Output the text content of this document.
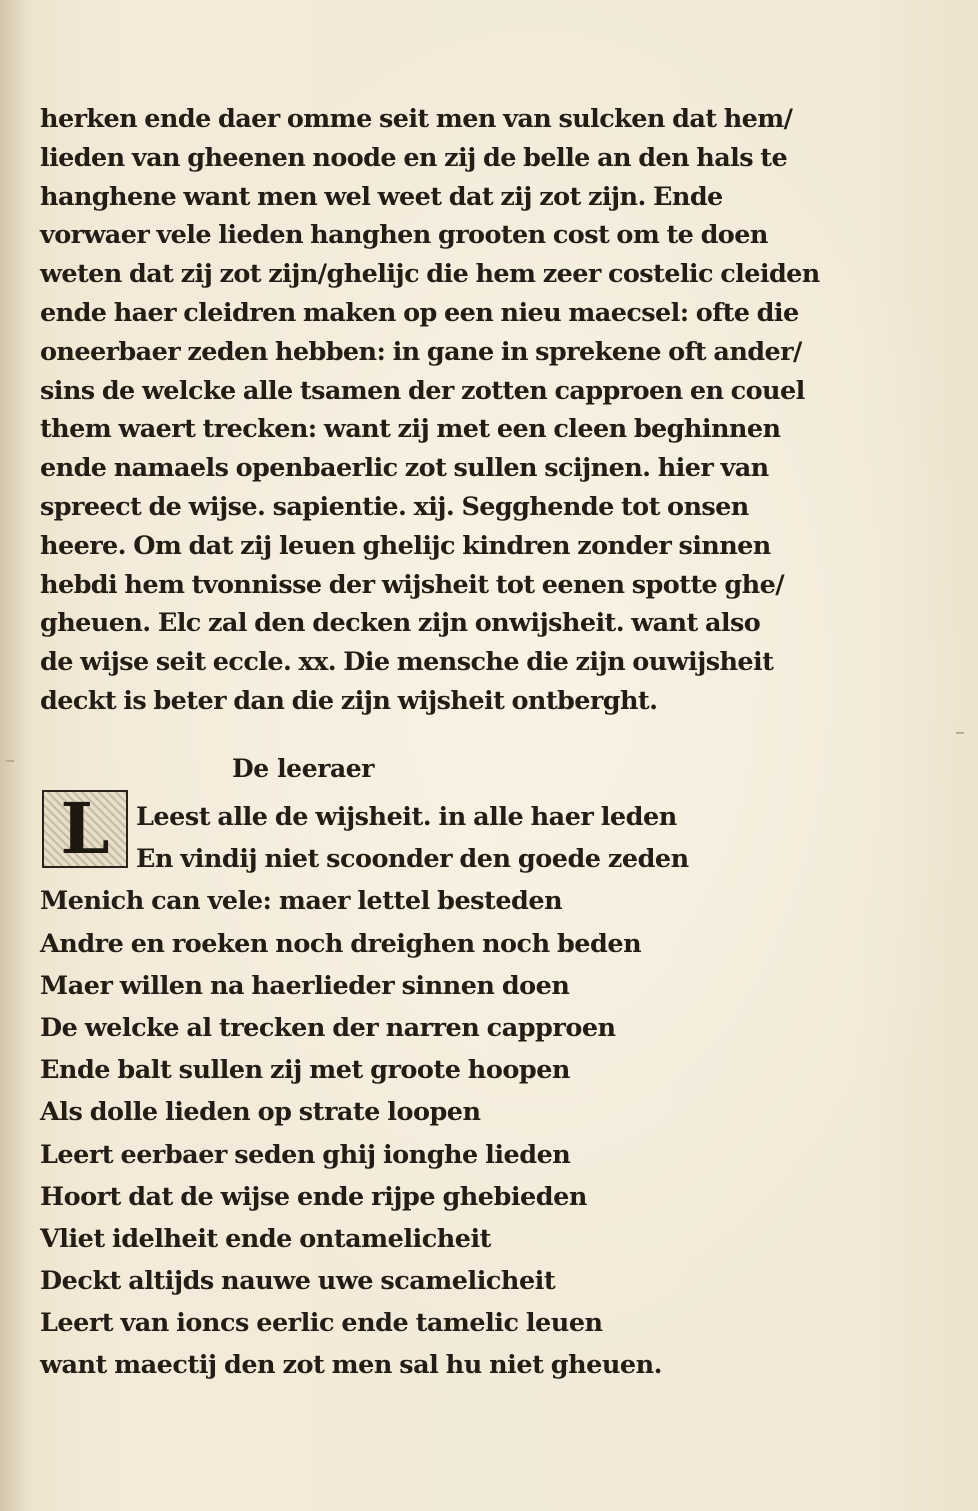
herken ende daer omme seit men van sulcken dat hem/
lieden van gheenen noode en zij de belle an den hals te
hanghene want men wel weet dat zij zot zijn. Ende
vorwaer vele lieden hanghen grooten cost om te doen
weten dat zij zot zijn/ghelijc die hem zeer costelic cleiden
ende haer cleidren maken op een nieu maecsel: ofte die
oneerbaer zeden hebben: in gane in sprekene oft ander/
sins de welcke alle tsamen der zotten capproen en couel
them waert trecken: want zij met een cleen beghinnen
ende namaels openbaerlic zot sullen scijnen. hier van
spreect de wijse. sapientie. xij. Segghende tot onsen
heere. Om dat zij leuen ghelijc kindren zonder sinnen
hebdi hem tvonnisse der wijsheit tot eenen spotte ghe/
gheuen. Elc zal den decken zijn onwijsheit. want also
de wijse seit eccle. xx. Die mensche die zijn ouwijsheit
deckt is beter dan die zijn wijsheit ontberght.
De leeraer
L	Leest alle de wijsheit. in alle haer leden
En vindij niet scoonder den goede zeden
Menich can vele: maer lettel besteden
Andre en roeken noch dreighen noch beden
Maer willen na haerlieder sinnen doen
De welcke al trecken der narren capproen
Ende balt sullen zij met groote hoopen
Als dolle lieden op strate loopen
Leert eerbaer seden ghij ionghe lieden
Hoort dat de wijse ende rijpe ghebieden
Vliet idelheit ende ontamelicheit
Deckt altijds nauwe uwe scamelicheit
Leert van ioncs eerlic ende tamelic leuen
want maectij den zot men sal hu niet gheuen.
